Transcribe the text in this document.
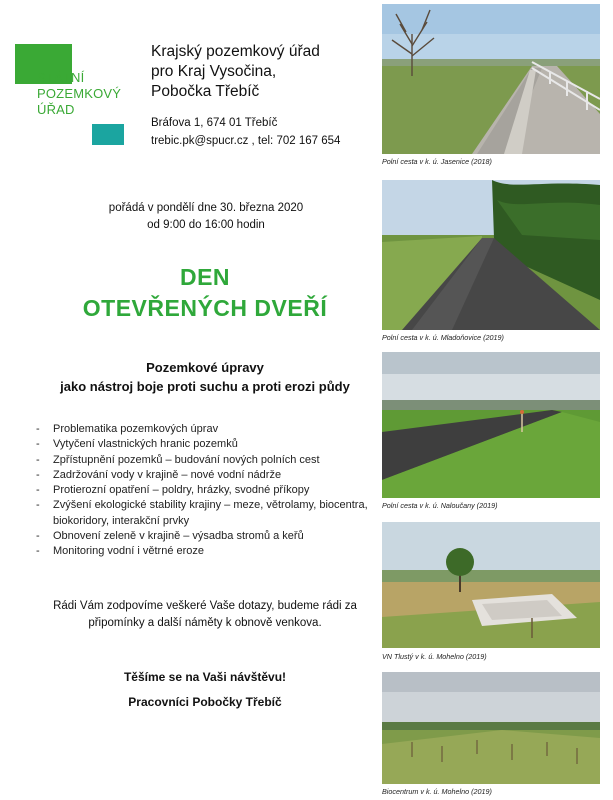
STÁTNÍ
POZEMKOVÝ
ÚŘAD
Krajský pozemkový úřad
pro Kraj Vysočina,
Pobočka Třebíč
Bráfova 1, 674 01 Třebíč
trebic.pk@spucr.cz , tel: 702 167 654
pořádá v pondělí dne 30. března 2020
od 9:00 do 16:00 hodin
DEN
OTEVŘENÝCH DVEŘÍ
Pozemkové úpravy
jako nástroj boje proti suchu a proti erozi půdy
- Problematika pozemkových úprav
- Vytyčení vlastnických hranic pozemků
- Zpřístupnění pozemků – budování nových polních cest
- Zadržování vody v krajině – nové vodní nádrže
- Protierozní opatření – poldry, hrázky, svodné příkopy
- Zvýšení ekologické stability krajiny – meze, větrolamy, biocentra, biokoridory, interakční prvky
- Obnovení zeleně v krajině – výsadba stromů a keřů
- Monitoring vodní i větrné eroze
Rádi Vám zodpovíme veškeré Vaše dotazy, budeme rádi za
připomínky a další náměty k obnově venkova.
Těšíme se na Vaši návštěvu!
Pracovníci Pobočky Třebíč
Polní cesta v k. ú. Jasenice (2018)
Polní cesta v k. ú. Mladoňovice (2019)
Polní cesta v k. ú. Naloučany (2019)
VN Tlustý v k. ú. Mohelno (2019)
Biocentrum v k. ú. Mohelno (2019)
